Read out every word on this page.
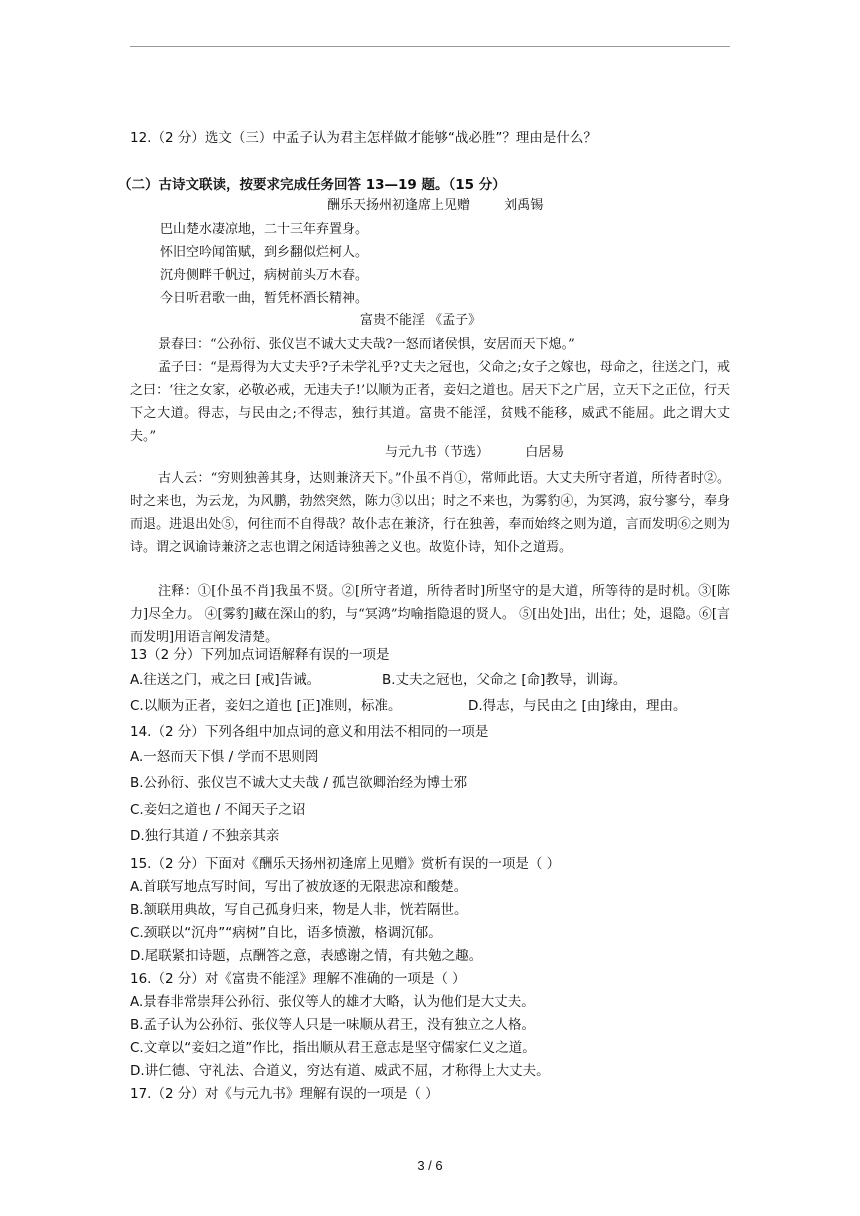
12.（2 分）选文（三）中孟子认为君主怎样做才能够“战必胜”？理由是什么？
（二）古诗文联读，按要求完成任务回答 13—19 题。（15 分）
酬乐天扬州初逢席上见赠	刘禹锡
巴山楚水凄凉地，二十三年弃置身。
怀旧空吟闻笛赋，到乡翻似烂柯人。
沉舟侧畔千帆过，病树前头万木春。
今日听君歌一曲，暂凭杯酒长精神。
富贵不能淫 《孟子》
景春曰：“公孙衍、张仪岂不诚大丈夫哉?一怒而诸侯惧，安居而天下熄。”
孟子曰：“是焉得为大丈夫乎?子未学礼乎?丈夫之冠也，父命之;女子之嫁也，母命之，往送之门，戒之曰：‘往之女家，必敬必戒，无违夫子!’以顺为正者，妾妇之道也。居天下之广居，立天下之正位，行天下之大道。得志，与民由之;不得志，独行其道。富贵不能淫，贫贱不能移，威武不能屈。此之谓大丈夫。”
与元九书（节选）	白居易
古人云：“穷则独善其身，达则兼济天下。”仆虽不肖①，常师此语。大丈夫所守者道，所待者时②。时之来也，为云龙，为风鹏，勃然突然，陈力③以出；时之不来也，为雾豹④，为冥鸿，寂兮寥兮，奉身而退。进退出处⑤，何往而不自得哉？故仆志在兼济，行在独善，奉而始终之则为道，言而发明⑥之则为诗。谓之讽谕诗兼济之志也谓之闲适诗独善之义也。故览仆诗，知仆之道焉。
注释：①[仆虽不肖]我虽不贤。②[所守者道，所待者时]所坚守的是大道，所等待的是时机。③[陈力]尽全力。 ④[雾豹]藏在深山的豹，与“冥鸿”均喻指隐退的贤人。 ⑤[出处]出，出仕；处，退隐。⑥[言而发明]用语言阐发清楚。
13（2 分）下列加点词语解释有误的一项是
A.往送之门，戒之曰 [戒]告诫。	B.丈夫之冠也，父命之 [命]教导，训诲。
C.以顺为正者，妾妇之道也 [正]准则，标准。	D.得志，与民由之 [由]缘由，理由。
14.（2 分）下列各组中加点词的意义和用法不相同的一项是
A.一怒而天下惧 / 学而不思则罔
B.公孙衍、张仪岂不诚大丈夫哉 / 孤岂欲卿治经为博士邪
C.妾妇之道也 / 不闻天子之诏
D.独行其道 / 不独亲其亲
15.（2 分）下面对《酬乐天扬州初逢席上见赠》赏析有误的一项是（ ）
A.首联写地点写时间，写出了被放逐的无限悲凉和酸楚。
B.颔联用典故，写自己孤身归来，物是人非，恍若隔世。
C.颈联以“沉舟”“病树”自比，语多愤激，格调沉郁。
D.尾联紧扣诗题，点酬答之意，表感谢之情，有共勉之趣。
16.（2 分）对《富贵不能淫》理解不准确的一项是（ ）
A.景春非常崇拜公孙衍、张仪等人的雄才大略，认为他们是大丈夫。
B.孟子认为公孙衍、张仪等人只是一味顺从君王，没有独立之人格。
C.文章以“妾妇之道”作比，指出顺从君王意志是坚守儒家仁义之道。
D.讲仁德、守礼法、合道义，穷达有道、威武不屈，才称得上大丈夫。
17.（2 分）对《与元九书》理解有误的一项是（ ）
3 / 6
